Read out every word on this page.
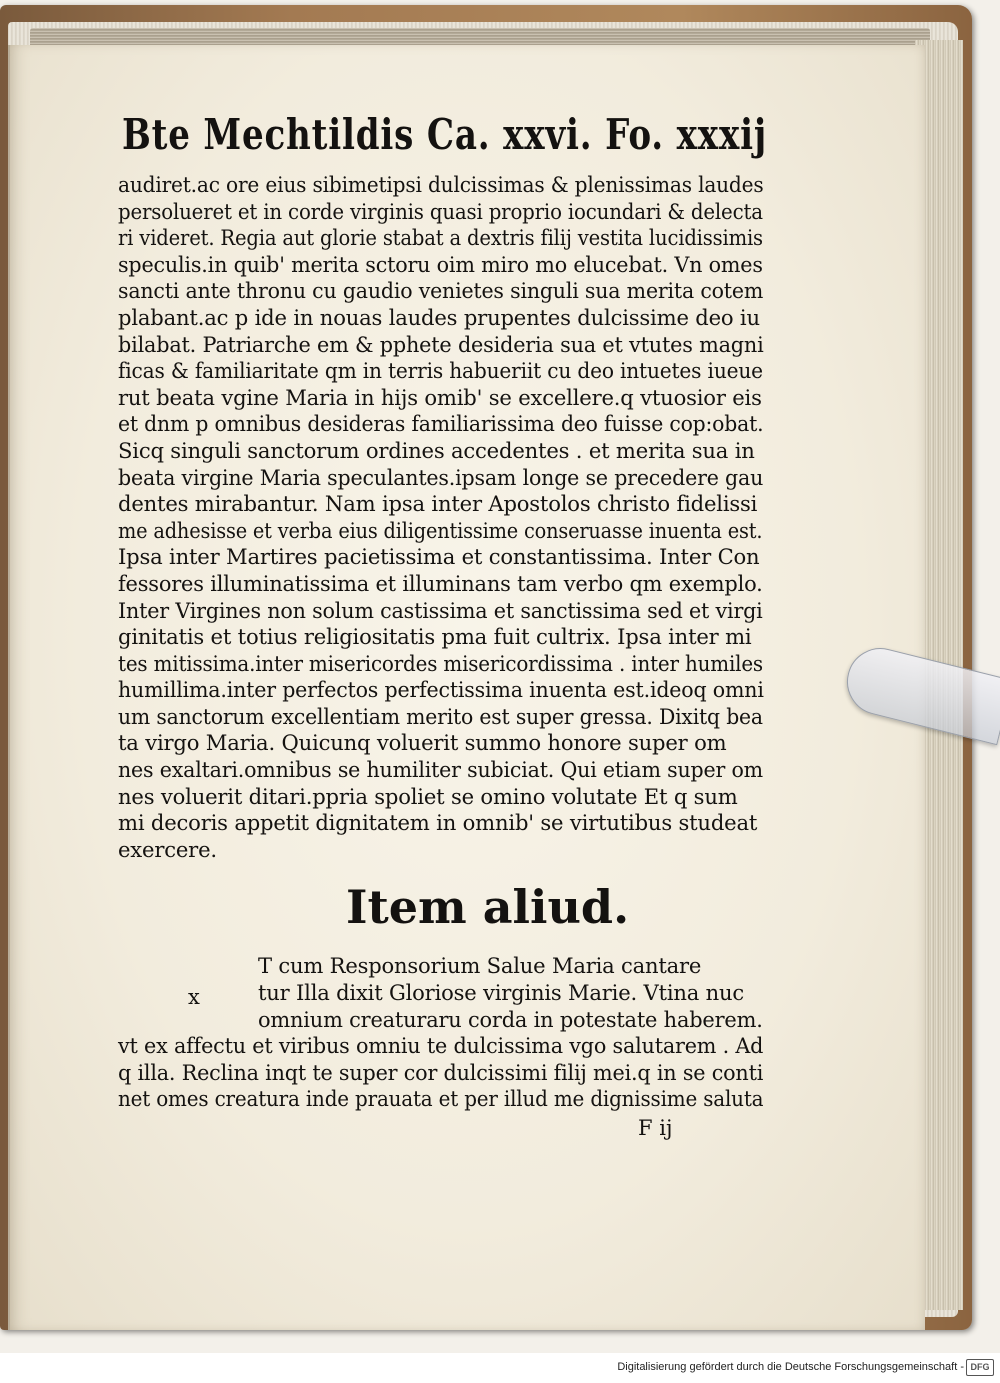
Bte Mechtildis Ca. xxvi. Fo. xxxij
audiret.ac ore eius sibimetipsi dulcissimas & plenissimas laudes
persolueret et in corde virginis quasi proprio iocundari & delecta
ri videret. Regia aut glorie stabat a dextris filij vestita lucidissimis
speculis.in quib' merita sctoru oim miro mo elucebat. Vn omes
sancti ante thronu cu gaudio venietes singuli sua merita cotem
plabant.ac p ide in nouas laudes prupentes dulcissime deo iu
bilabat. Patriarche em & pphete desideria sua et vtutes magni
ficas & familiaritate qm in terris habueriit cu deo intuetes iueue
rut beata vgine Maria in hijs omib' se excellere.q vtuosior eis
et dnm p omnibus desideras familiarissima deo fuisse cop:obat.
Sicq singuli sanctorum ordines accedentes . et merita sua in
beata virgine Maria speculantes.ipsam longe se precedere gau
dentes mirabantur. Nam ipsa inter Apostolos christo fidelissi
me adhesisse et verba eius diligentissime conseruasse inuenta est.
Ipsa inter Martires pacietissima et constantissima. Inter Con
fessores illuminatissima et illuminans tam verbo qm exemplo.
Inter Virgines non solum castissima et sanctissima sed et virgi
ginitatis et totius religiositatis pma fuit cultrix. Ipsa inter mi
tes mitissima.inter misericordes misericordissima . inter humiles
humillima.inter perfectos perfectissima inuenta est.ideoq omni
um sanctorum excellentiam merito est super gressa. Dixitq bea
ta virgo Maria. Quicunq voluerit summo honore super om
nes exaltari.omnibus se humiliter subiciat. Qui etiam super om
nes voluerit ditari.ppria spoliet se omino volutate Et q sum
mi decoris appetit dignitatem in omnib' se virtutibus studeat
exercere.
Item aliud.
T cum Responsorium Salue Maria cantare
tur Illa dixit Gloriose virginis Marie. Vtina nuc
omnium creaturaru corda in potestate haberem.
vt ex affectu et viribus omniu te dulcissima vgo salutarem . Ad
q illa. Reclina inqt te super cor dulcissimi filij mei.q in se conti
net omes creatura inde prauata et per illud me dignissime saluta
F ij
x
Digitalisierung gefördert durch die Deutsche Forschungsgemeinschaft - DFG
